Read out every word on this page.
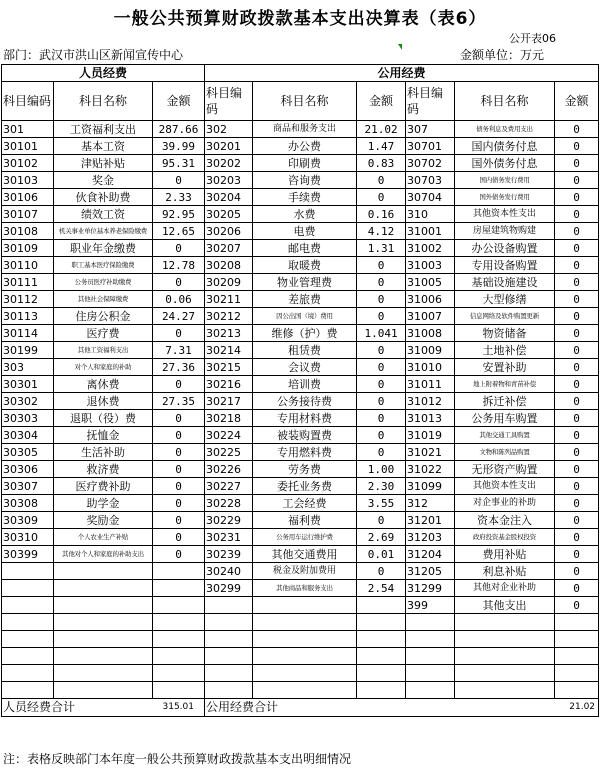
一般公共预算财政拨款基本支出决算表（表6）
公开表06
部门：武汉市洪山区新闻宣传中心	金额单位：万元
人员经费			公用经费					
科目编码	科目名称	金额	科目编码	科目名称	金额	科目编码	科目名称	金额
301	工资福利支出	287.66	302	商品和服务支出	21.02	307	债务利息及费用支出	0
30101	基本工资	39.99	30201	办公费	1.47	30701	国内债务付息	0
30102	津贴补贴	95.31	30202	印刷费	0.83	30702	国外债务付息	0
30103	奖金	0	30203	咨询费	0	30703	国内债务发行费用	0
30106	伙食补助费	2.33	30204	手续费	0	30704	国外债务发行费用	0
30107	绩效工资	92.95	30205	水费	0.16	310	其他资本性支出	0
30108	机关事业单位基本养老保险缴费	12.65	30206	电费	4.12	31001	房屋建筑物购建	0
30109	职业年金缴费	0	30207	邮电费	1.31	31002	办公设备购置	0
30110	职工基本医疗保险缴费	12.78	30208	取暖费	0	31003	专用设备购置	0
30111	公务员医疗补助缴费	0	30209	物业管理费	0	31005	基础设施建设	0
30112	其他社会保障缴费	0.06	30211	差旅费	0	31006	大型修缮	0
30113	住房公积金	24.27	30212	因公出国（境）费用	0	31007	信息网络及软件购置更新	0
30114	医疗费	0	30213	维修（护）费	1.041	31008	物资储备	0
30199	其他工资福利支出	7.31	30214	租赁费	0	31009	土地补偿	0
303	对个人和家庭的补助	27.36	30215	会议费	0	31010	安置补助	0
30301	离休费	0	30216	培训费	0	31011	地上附着物和青苗补偿	0
30302	退休费	27.35	30217	公务接待费	0	31012	拆迁补偿	0
30303	退职（役）费	0	30218	专用材料费	0	31013	公务用车购置	0
30304	抚恤金	0	30224	被装购置费	0	31019	其他交通工具购置	0
30305	生活补助	0	30225	专用燃料费	0	31021	文物和陈列品购置	0
30306	救济费	0	30226	劳务费	1.00	31022	无形资产购置	0
30307	医疗费补助	0	30227	委托业务费	2.30	31099	其他资本性支出	0
30308	助学金	0	30228	工会经费	3.55	312	对企事业的补助	0
30309	奖励金	0	30229	福利费	0	31201	资本金注入	0
30310	个人农业生产补贴	0	30231	公务用车运行维护费	2.69	31203	政府投资基金股权投资	0
30399	其他对个人和家庭的补助支出	0	30239	其他交通费用	0.01	31204	费用补贴	0
			30240	税金及附加费用	0	31205	利息补贴	0
			30299	其他商品和服务支出	2.54	31299	其他对企业补助	0
						399	其他支出	0

人员经费合计		315.01	公用经费合计					21.02
注：表格反映部门本年度一般公共预算财政拨款基本支出明细情况
